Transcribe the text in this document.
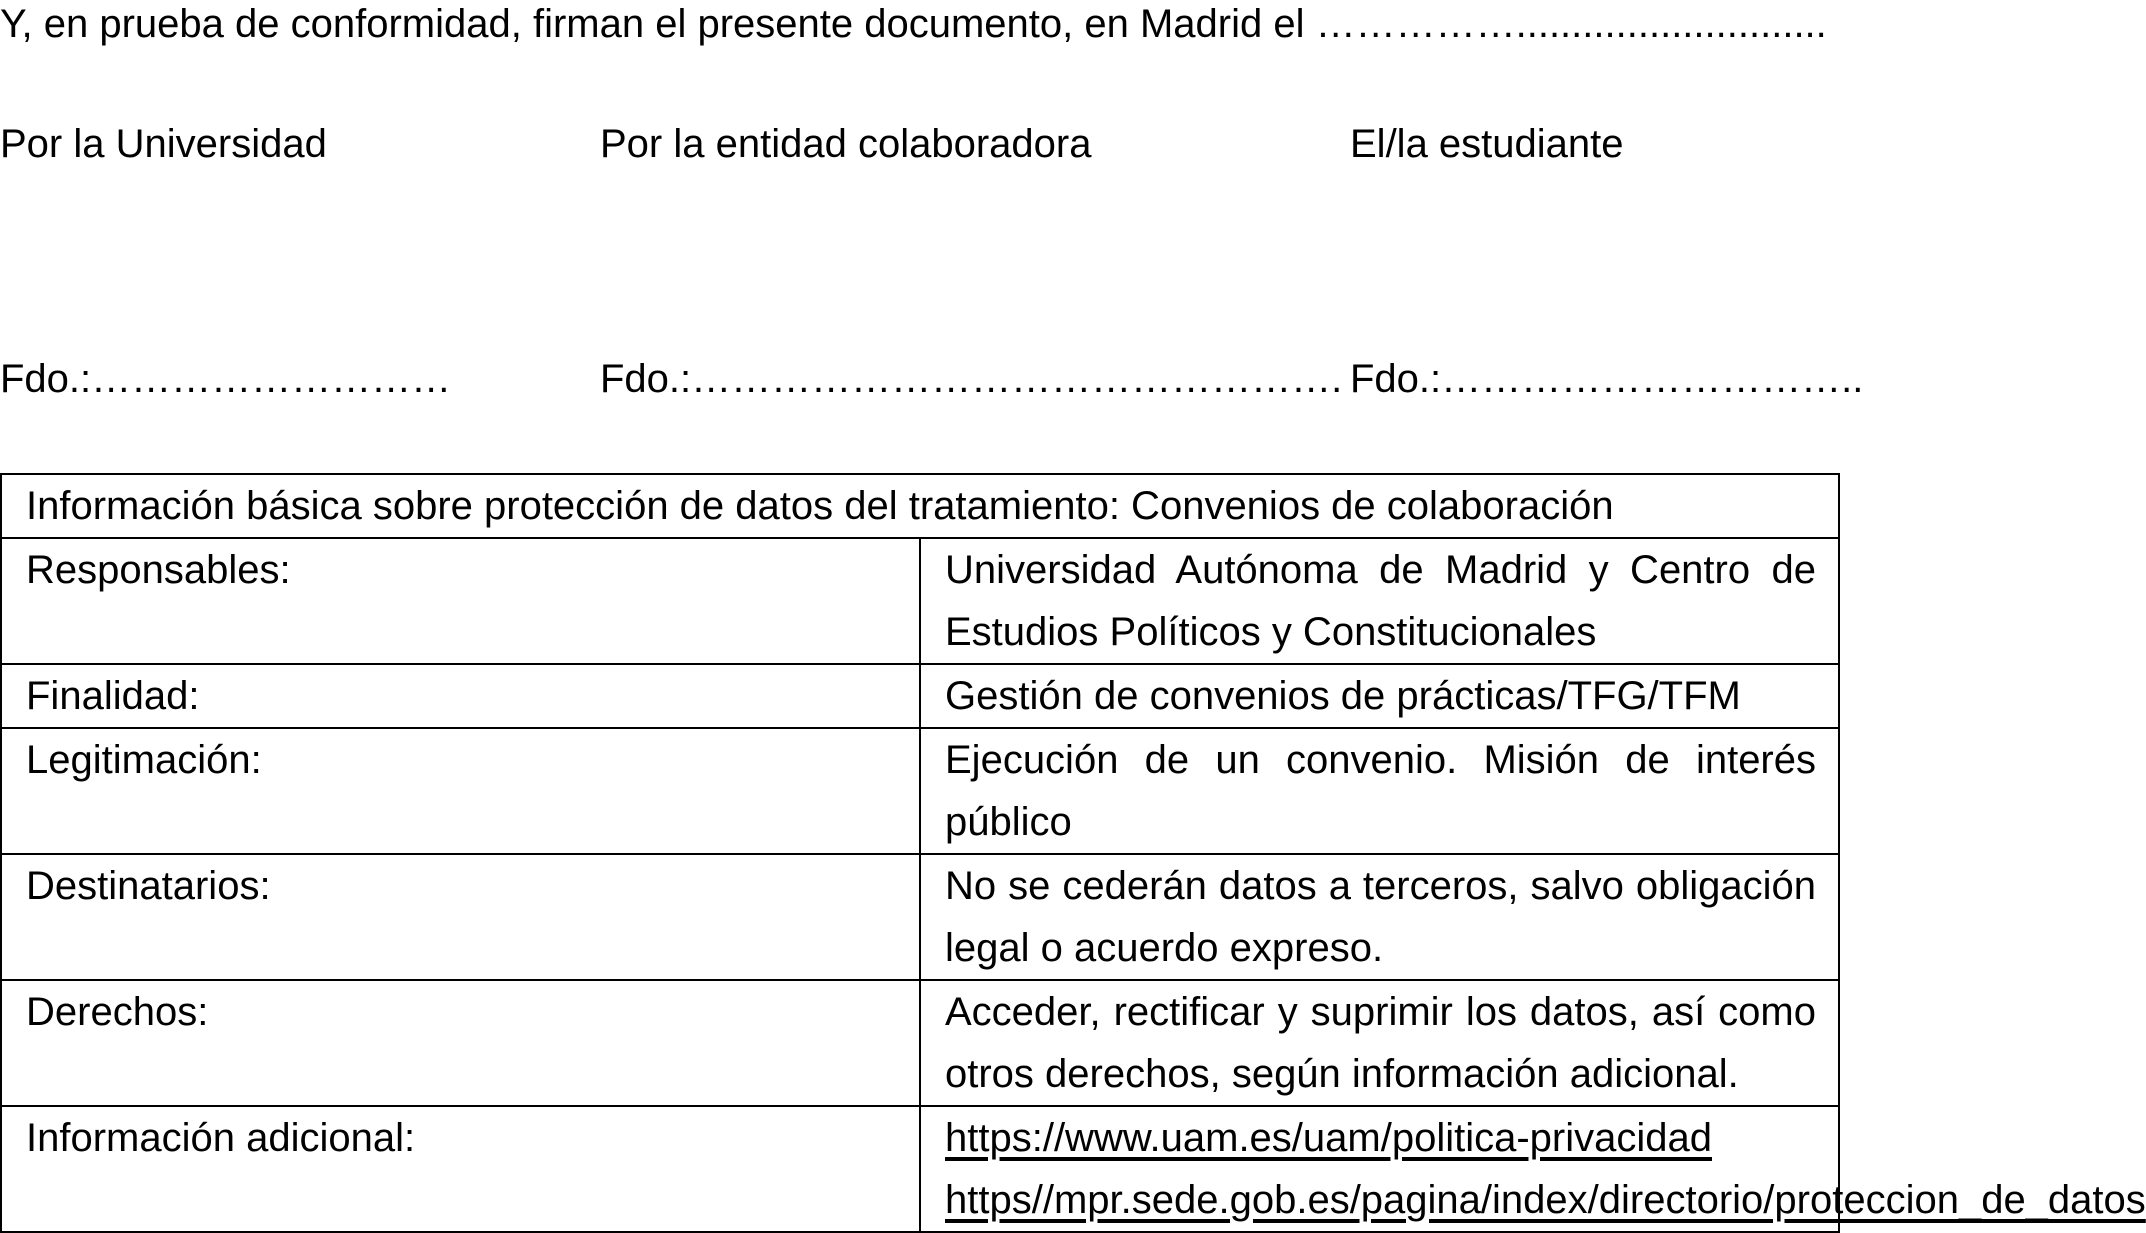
Y, en prueba de conformidad, firman el presente documento, en Madrid el ……………............................

Por la Universidad
Fdo.:………………………
Por la entidad colaboradora
Fdo.:………………………………………….
El/la estudiante
Fdo.:…………………………..
Información básica sobre protección de datos del tratamiento: Convenios de colaboración	
Responsables:	Universidad Autónoma de Madrid y Centro de Estudios Políticos y Constitucionales
Finalidad:	Gestión de convenios de prácticas/TFG/TFM
Legitimación:	Ejecución de un convenio. Misión de interés público
Destinatarios:	No se cederán datos a terceros, salvo obligación legal o acuerdo expreso.
Derechos:	Acceder, rectificar y suprimir los datos, así como otros derechos, según información adicional.
Información adicional:	https://www.uam.es/uam/politica-privacidad
https//mpr.sede.gob.es/pagina/index/directorio/proteccion_de_datos
